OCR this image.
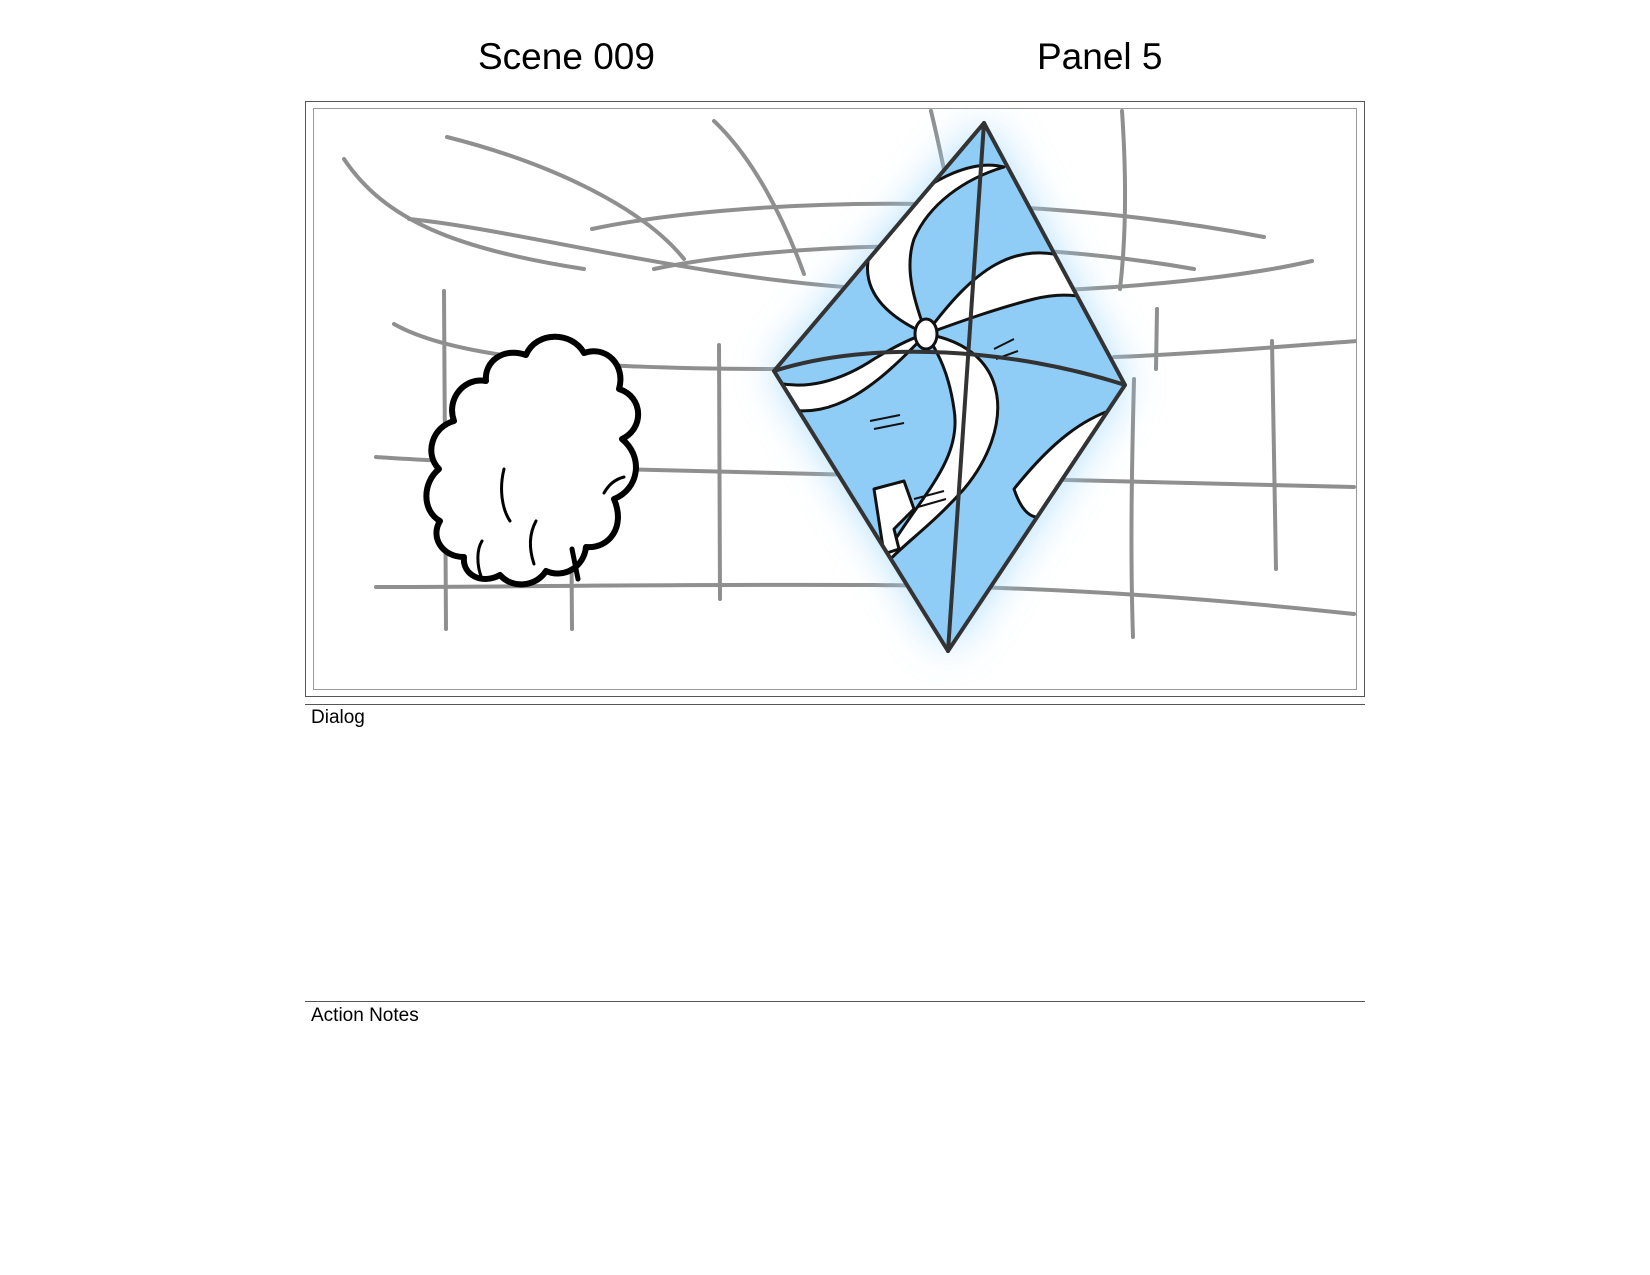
Scene 009	Panel 5
Dialog
Action Notes
